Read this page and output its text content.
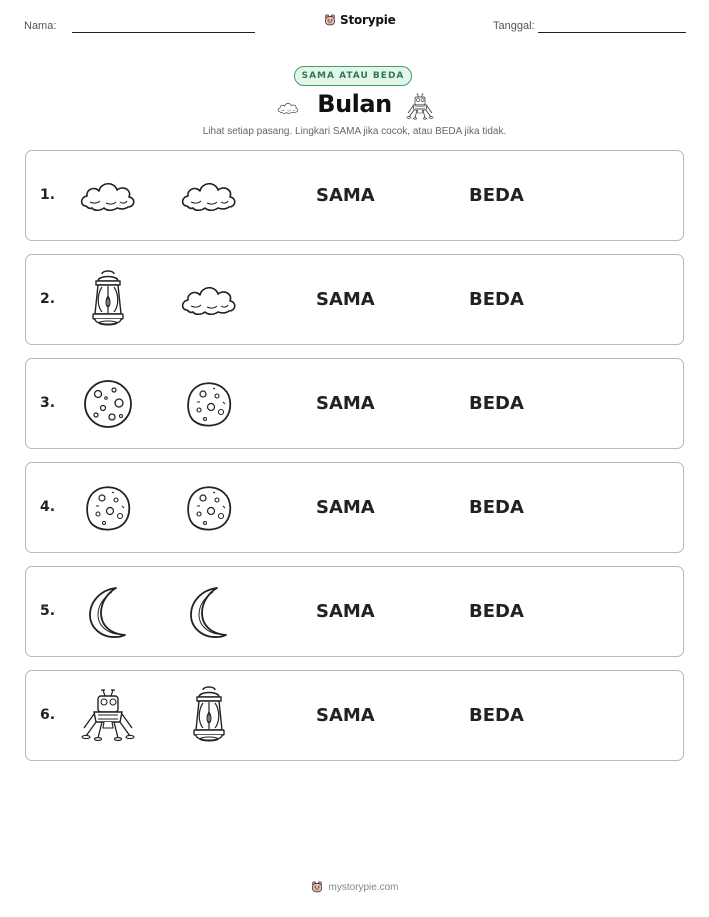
Nama:	Storypie	Tanggal:
SAMA ATAU BEDA
Bulan
Lihat setiap pasang. Lingkari SAMA jika cocok, atau BEDA jika tidak.
1.	SAMA	BEDA
2.	SAMA	BEDA
3.	SAMA	BEDA
4.	SAMA	BEDA
5.	SAMA	BEDA
6.	SAMA	BEDA
mystorypie.com
